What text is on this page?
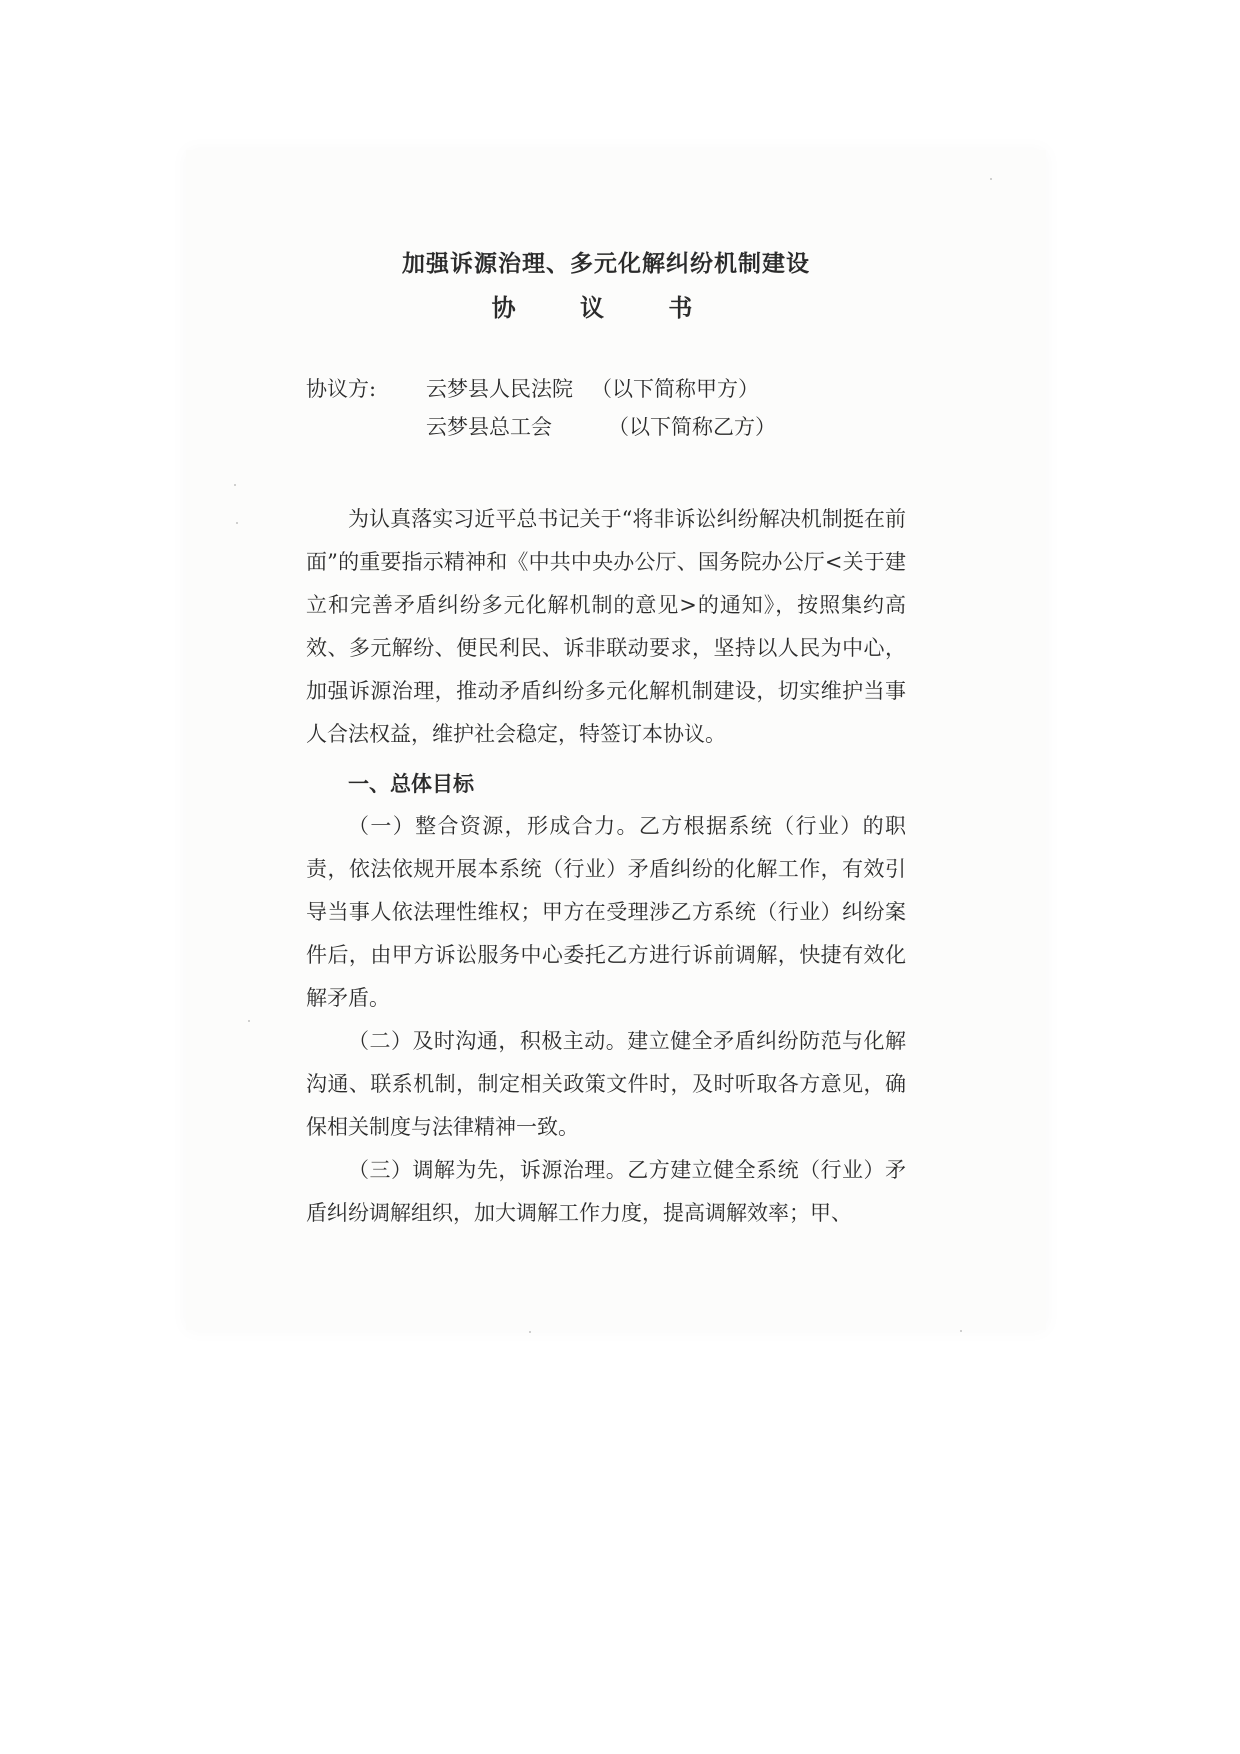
加强诉源治理、多元化解纠纷机制建设
协 议 书
协议方: 云梦县人民法院 （以下简称甲方）
云梦县总工会	（以下简称乙方）

为认真落实习近平总书记关于“将非诉讼纠纷解决机制挺在前面”的重要指示精神和《中共中央办公厅、国务院办公厅<关于建立和完善矛盾纠纷多元化解机制的意见>的通知》，按照集约高效、多元解纷、便民利民、诉非联动要求，坚持以人民为中心，加强诉源治理，推动矛盾纠纷多元化解机制建设，切实维护当事人合法权益，维护社会稳定，特签订本协议。

一、总体目标

（一）整合资源，形成合力。乙方根据系统（行业）的职责，依法依规开展本系统（行业）矛盾纠纷的化解工作，有效引导当事人依法理性维权；甲方在受理涉乙方系统（行业）纠纷案件后，由甲方诉讼服务中心委托乙方进行诉前调解，快捷有效化解矛盾。

（二）及时沟通，积极主动。建立健全矛盾纠纷防范与化解沟通、联系机制，制定相关政策文件时，及时听取各方意见，确保相关制度与法律精神一致。

（三）调解为先，诉源治理。乙方建立健全系统（行业）矛盾纠纷调解组织，加大调解工作力度，提高调解效率；甲、
